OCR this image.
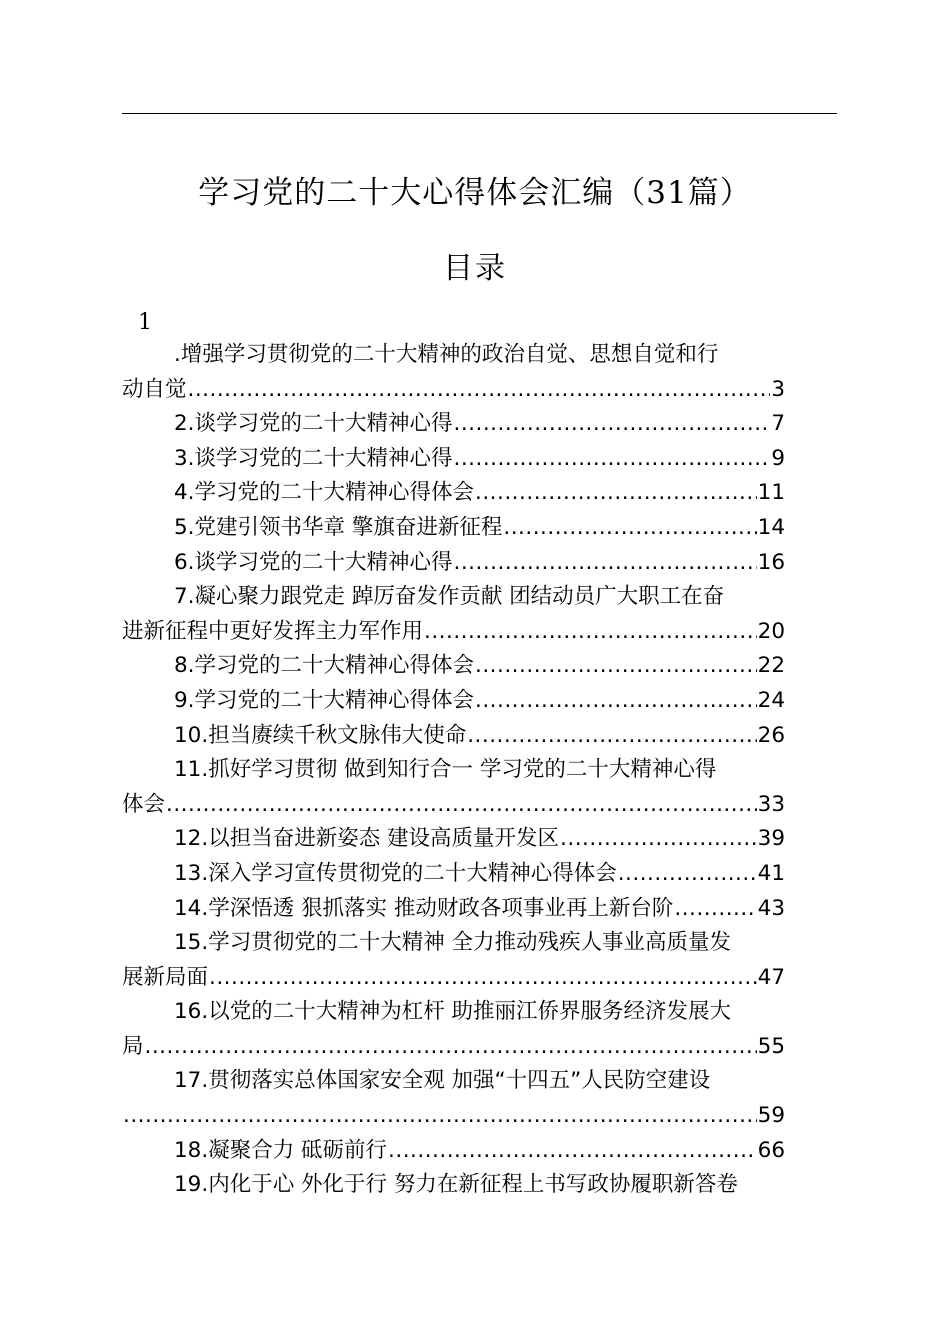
学习党的二十大心得体会汇编（31篇）
目录
1
.增强学习贯彻党的二十大精神的政治自觉、思想自觉和行
动自觉 .....	3
2.谈学习党的二十大精神心得 .....	7
3.谈学习党的二十大精神心得 .....	9
4.学习党的二十大精神心得体会 .....	11
5.党建引领书华章 擎旗奋进新征程 .....	14
6.谈学习党的二十大精神心得 .....	16
7.凝心聚力跟党走 踔厉奋发作贡献 团结动员广大职工在奋
进新征程中更好发挥主力军作用 .....	20
8.学习党的二十大精神心得体会 .....	22
9.学习党的二十大精神心得体会 .....	24
10.担当赓续千秋文脉伟大使命 .....	26
11.抓好学习贯彻 做到知行合一 学习党的二十大精神心得
体会 .....	33
12.以担当奋进新姿态 建设高质量开发区 .....	39
13.深入学习宣传贯彻党的二十大精神心得体会 .....	41
14.学深悟透 狠抓落实 推动财政各项事业再上新台阶 .....	43
15.学习贯彻党的二十大精神 全力推动残疾人事业高质量发
展新局面 .....	47
16.以党的二十大精神为杠杆 助推丽江侨界服务经济发展大
局 .....	55
17.贯彻落实总体国家安全观 加强“十四五”人民防空建设
.....
59
18.凝聚合力 砥砺前行 .....	66
19.内化于心 外化于行 努力在新征程上书写政协履职新答卷
